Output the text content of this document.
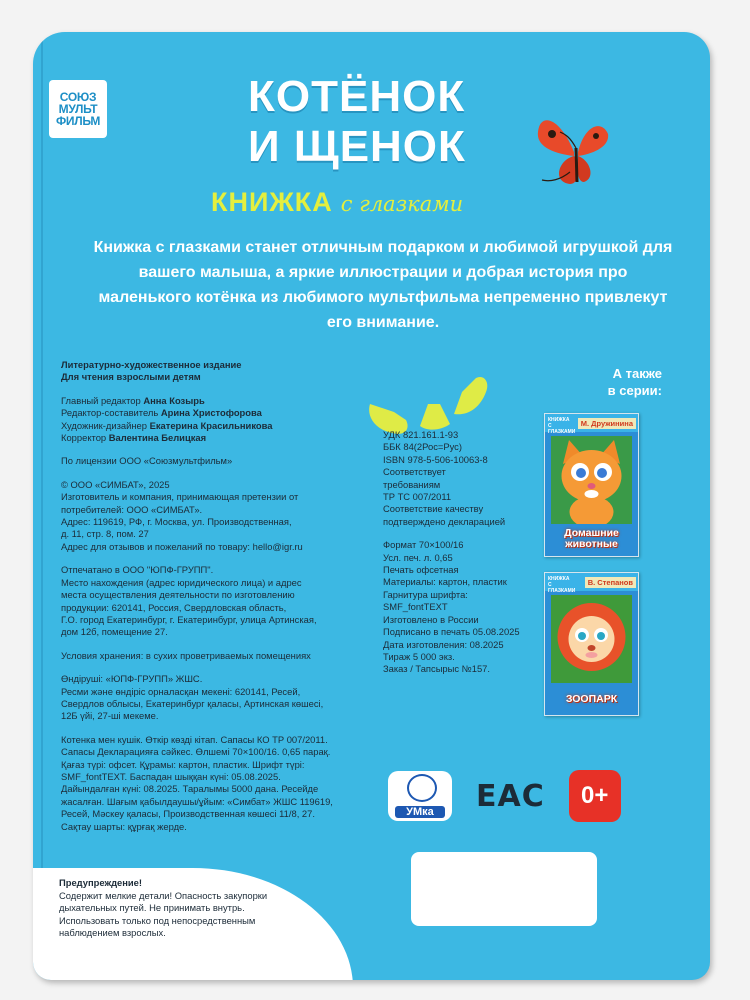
СОЮЗ
МУЛЬТ
ФИЛЬМ	КОТЁНОК
И ЩЕНОК
КНИЖКА с глазками

Книжка с глазками станет отличным подарком и любимой игрушкой для вашего малыша, а яркие иллюстрации и добрая история про маленького котёнка из любимого мультфильма непременно привлекут его внимание.

Литературно-художественное издание
Для чтения взрослыми детям

Главный редактор Анна Козырь
Редактор-составитель Арина Христофорова
Художник-дизайнер Екатерина Красильникова
Корректор Валентина Белицкая

По лицензии ООО «Союзмультфильм»

© ООО «СИМБАТ», 2025
Изготовитель и компания, принимающая претензии от
потребителей: ООО «СИМБАТ».
Адрес: 119619, РФ, г. Москва, ул. Производственная,
д. 11, стр. 8, пом. 27
Адрес для отзывов и пожеланий по товару: hello@igr.ru

Отпечатано в ООО "ЮПФ-ГРУПП".
Место нахождения (адрес юридического лица) и адрес
места осуществления деятельности по изготовлению
продукции: 620141, Россия, Свердловская область,
Г.О. город Екатеринбург, г. Екатеринбург, улица Артинская,
дом 12б, помещение 27.

Условия хранения: в сухих проветриваемых помещениях

Өндіруші: «ЮПФ-ГРУПП» ЖШС.
Ресми және өндіріс орналасқан мекені: 620141, Ресей,
Свердлов облысы, Екатеринбург қаласы, Артинская көшесі,
12Б үйі, 27-ші мекеме.

Котенка мен кушік. Өткір көзді кітап. Сапасы КО ТР 007/2011.
Сапасы Декларацияға сәйкес. Өлшемі 70×100/16. 0,65 парақ.
Қағаз түрі: офсет. Құрамы: картон, пластик. Шрифт түрі:
SMF_fontTEXT. Баспадан шыққан күні: 05.08.2025.
Дайындалған күні: 08.2025. Таралымы 5000 дана. Ресейде
жасалған. Шағым қабылдаушы/ұйым: «Симбат» ЖШС 119619,
Ресей, Мәскеу қаласы, Производственная көшесі 11/8, 27.
Сақтау шарты: құрғақ жерде.

УДК 821.161.1-93
ББК 84(2Рос=Рус)
ISBN 978-5-506-10063-8
Соответствует
требованиям
ТР ТС 007/2011
Соответствие качеству
подтверждено декларацией

Формат 70×100/16
Усл. печ. л. 0,65
Печать офсетная
Материалы: картон, пластик
Гарнитура шрифта:
SMF_fontTEXT
Изготовлено в России
Подписано в печать 05.08.2025
Дата изготовления: 08.2025
Тираж 5 000 экз.
Заказ / Тапсырыс №157.

А также
в серии:
КНИЖКА С ГЛАЗКАМИ
М. Дружинина
Домашние
животные
КНИЖКА С ГЛАЗКАМИ
В. Степанов
ЗООПАРК
УМка	EAC	0+

Предупреждение!

Содержит мелкие детали! Опасность закупорки

дыхательных путей. Не принимать внутрь.

Использовать только под непосредственным

наблюдением взрослых.
